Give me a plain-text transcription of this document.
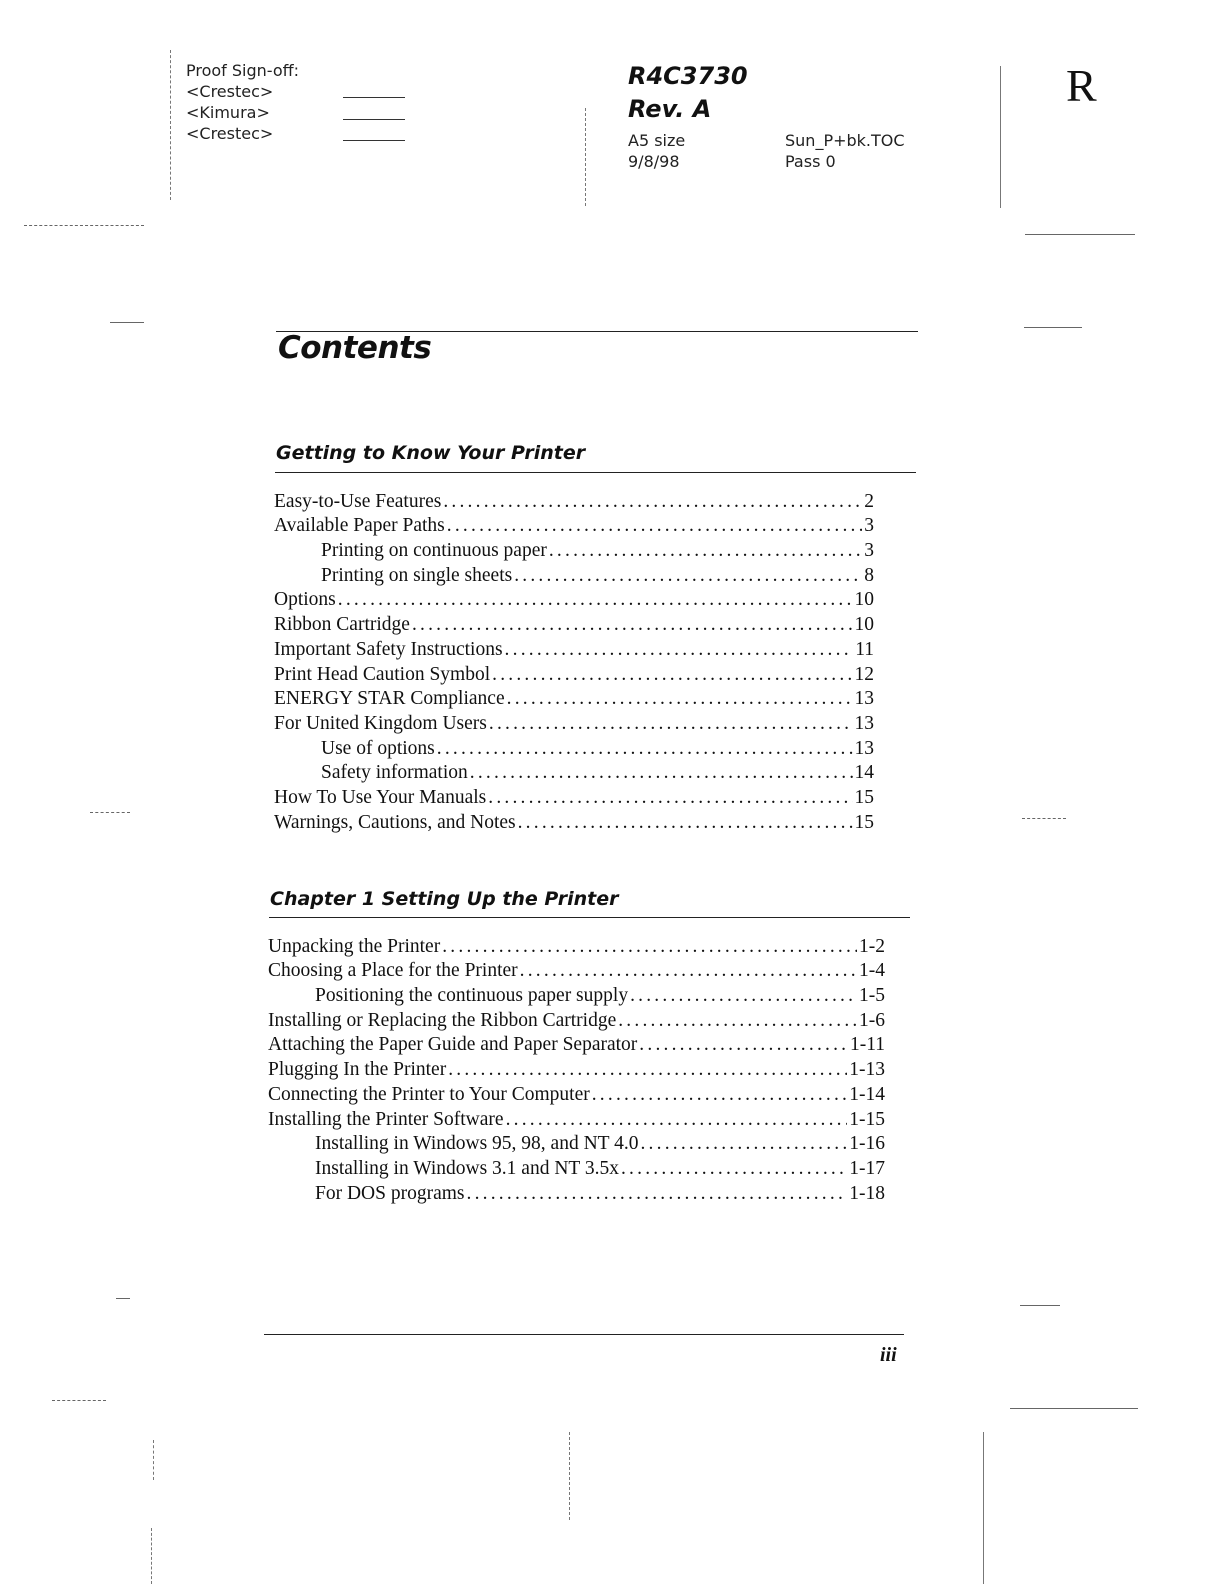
Proof Sign-off:
<Crestec>
<Kimura>
<Crestec>
R4C3730
Rev. A
A5 size
9/8/98
Sun_P+bk.TOC
Pass 0
R
Contents
Getting to Know Your Printer
Easy-to-Use Features .....	2
Available Paper Paths .....	3
Printing on continuous paper .....	3
Printing on single sheets .....	8
Options .....	10
Ribbon Cartridge .....	10
Important Safety Instructions .....	11
Print Head Caution Symbol .....	12
ENERGY STAR Compliance .....	13
For United Kingdom Users .....	13
Use of options .....	13
Safety information .....	14
How To Use Your Manuals .....	15
Warnings, Cautions, and Notes .....	15
Chapter 1 Setting Up the Printer
Unpacking the Printer .....	1-2
Choosing a Place for the Printer .....	1-4
Positioning the continuous paper supply .....	1-5
Installing or Replacing the Ribbon Cartridge .....	1-6
Attaching the Paper Guide and Paper Separator .....	1-11
Plugging In the Printer .....	1-13
Connecting the Printer to Your Computer .....	1-14
Installing the Printer Software .....	1-15
Installing in Windows 95, 98, and NT 4.0 .....	1-16
Installing in Windows 3.1 and NT 3.5x .....	1-17
For DOS programs .....	1-18
iii
